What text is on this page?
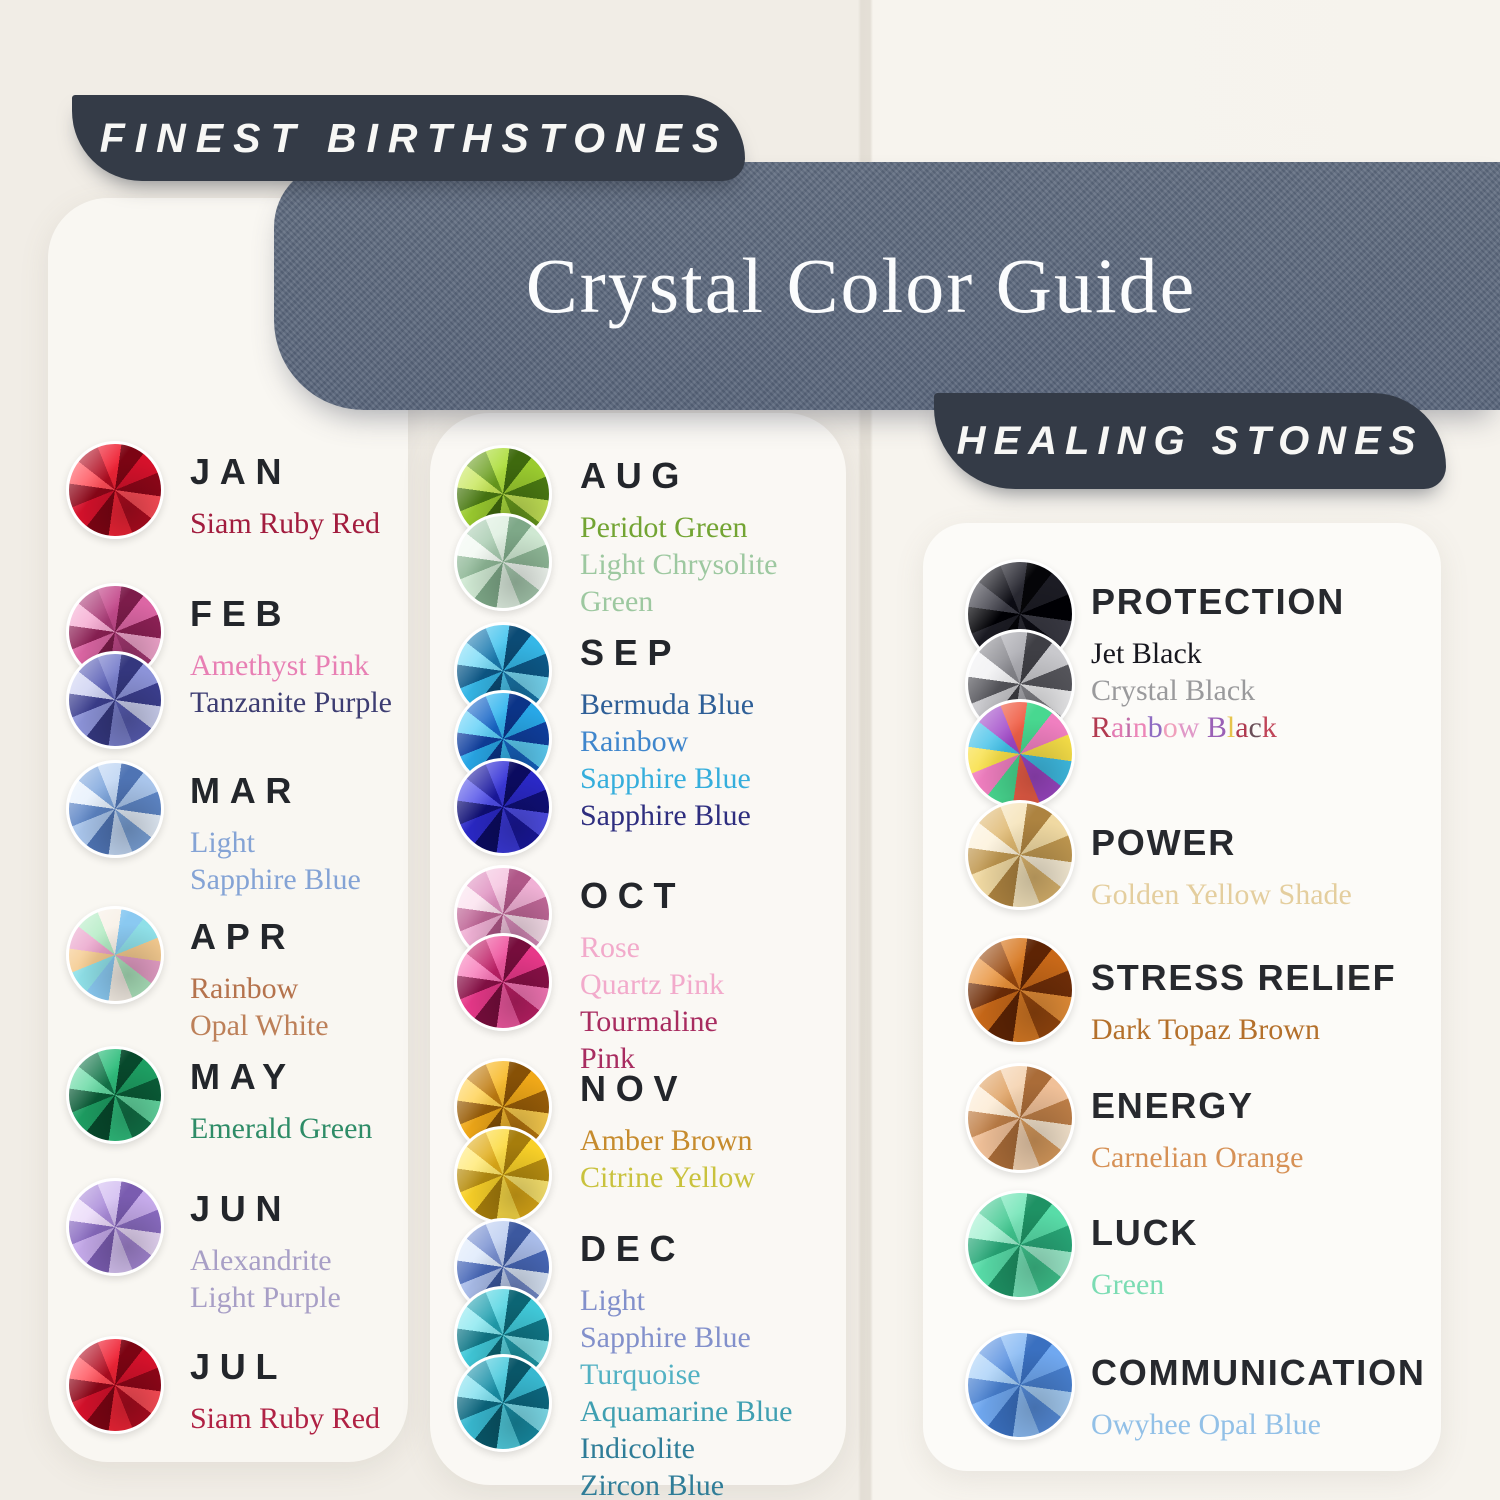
JAN
Siam Ruby Red
FEB
Amethyst Pink
Tanzanite Purple
MAR
Light
Sapphire Blue
APR
Rainbow
Opal White
MAY
Emerald Green
JUN
Alexandrite
Light Purple
JUL
Siam Ruby Red
AUG
Peridot Green
Light Chrysolite
Green
SEP
Bermuda Blue
Rainbow
Sapphire Blue
Sapphire Blue
OCT
Rose
Quartz Pink
Tourmaline
Pink
NOV
Amber Brown
Citrine Yellow
DEC
Light
Sapphire Blue
Turquoise
Aquamarine Blue
Indicolite
Zircon Blue
PROTECTION
Jet Black
Crystal Black
Rainbow Black
POWER
Golden Yellow Shade
STRESS RELIEF
Dark Topaz Brown
ENERGY
Carnelian Orange
LUCK
Green
COMMUNICATION
Owyhee Opal Blue
Crystal Color Guide
FINEST BIRTHSTONES
HEALING STONES
